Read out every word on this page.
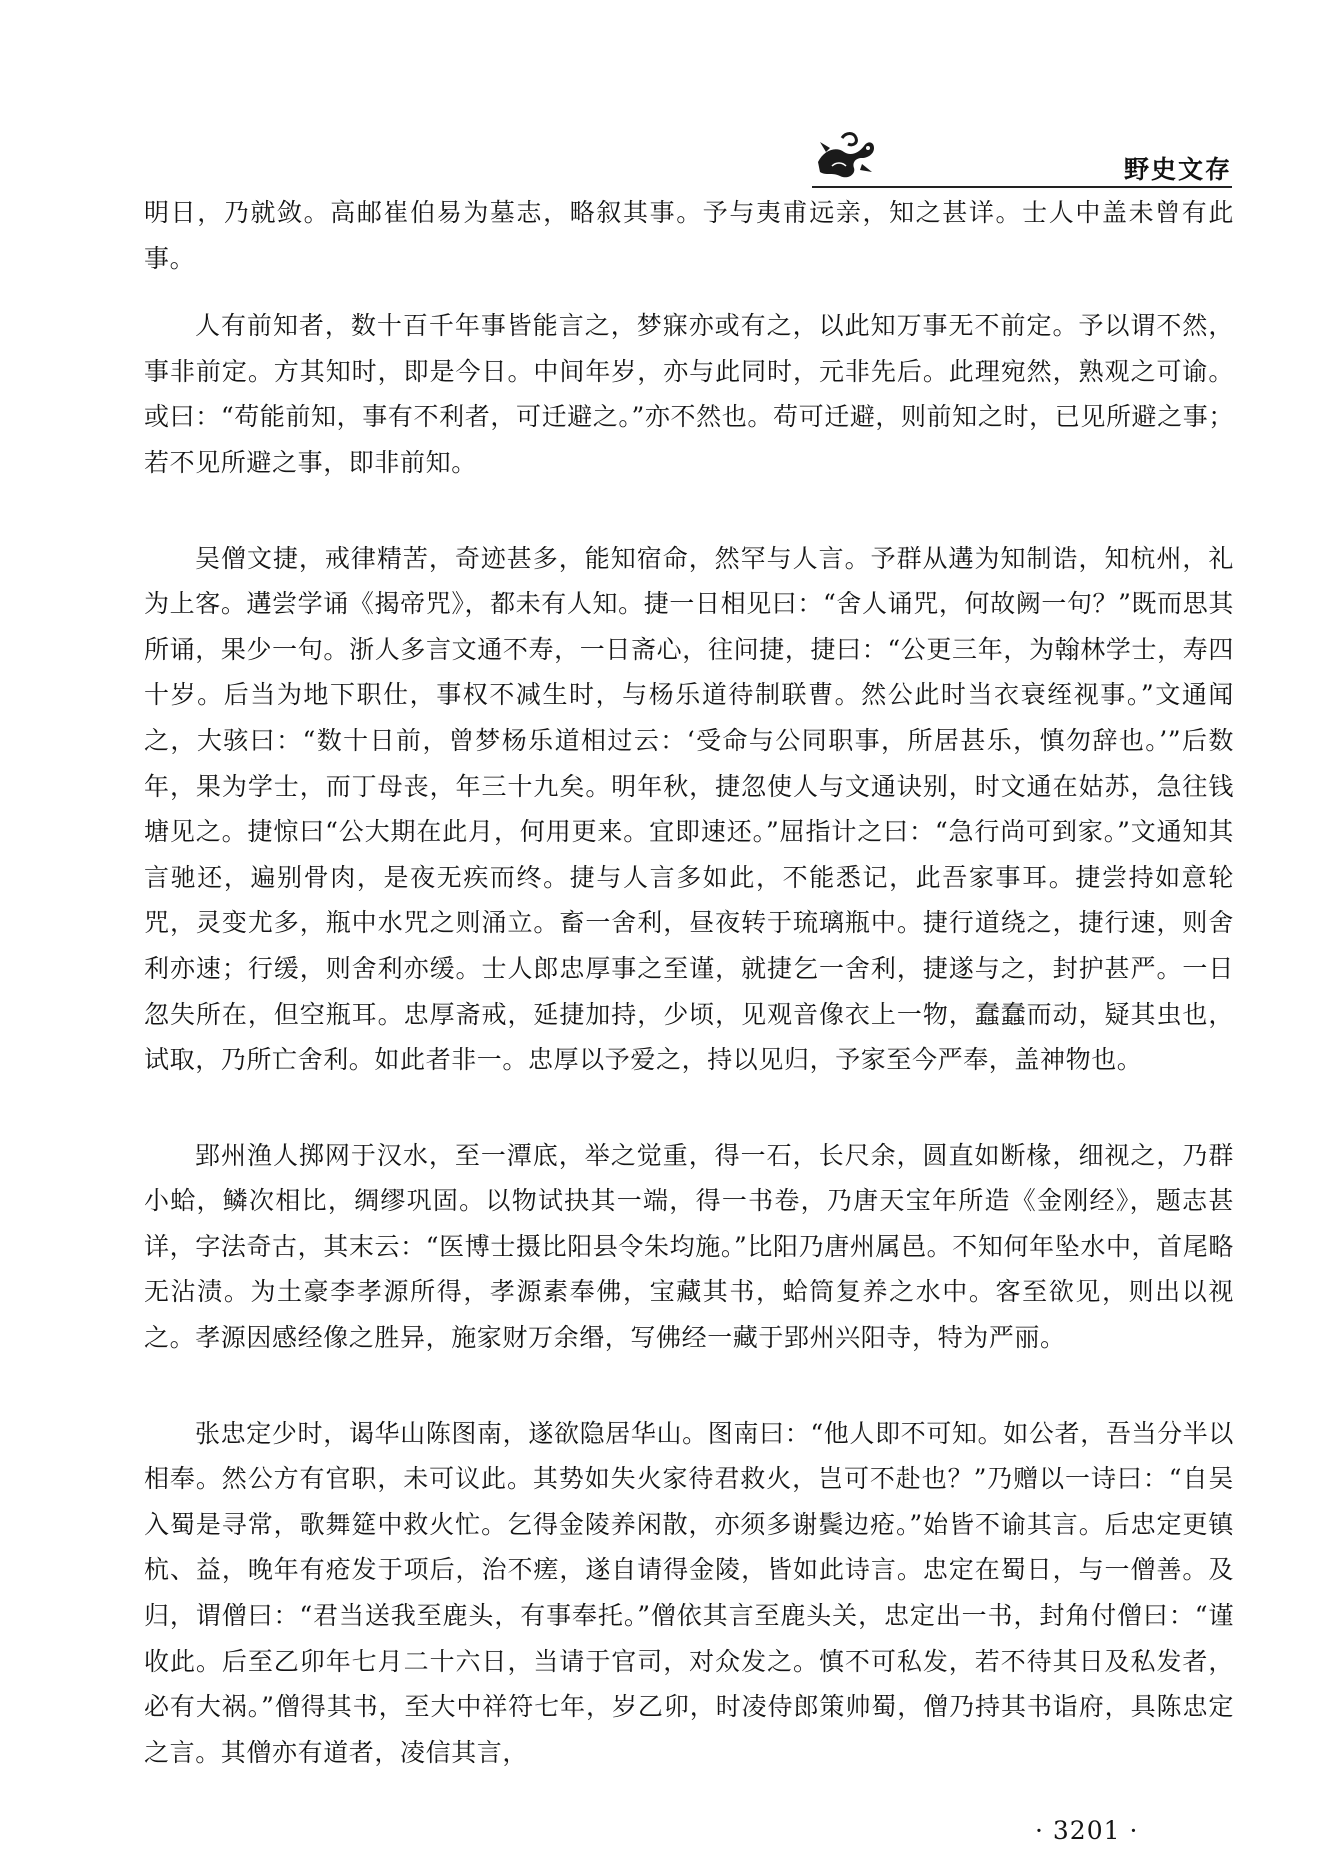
野史文存

明日，乃就敛。高邮崔伯易为墓志，略叙其事。予与夷甫远亲，知之甚详。士人中盖未曾有此事。

人有前知者，数十百千年事皆能言之，梦寐亦或有之，以此知万事无不前定。予以谓不然，事非前定。方其知时，即是今日。中间年岁，亦与此同时，元非先后。此理宛然，熟观之可谕。或曰：“苟能前知，事有不利者，可迁避之。”亦不然也。苟可迁避，则前知之时，已见所避之事；若不见所避之事，即非前知。

吴僧文捷，戒律精苦，奇迹甚多，能知宿命，然罕与人言。予群从遘为知制诰，知杭州，礼为上客。遘尝学诵《揭帝咒》，都未有人知。捷一日相见曰：“舍人诵咒，何故阙一句？”既而思其所诵，果少一句。浙人多言文通不寿，一日斋心，往问捷，捷曰：“公更三年，为翰林学士，寿四十岁。后当为地下职仕，事权不减生时，与杨乐道待制联曹。然公此时当衣衰绖视事。”文通闻之，大骇曰：“数十日前，曾梦杨乐道相过云：‘受命与公同职事，所居甚乐，慎勿辞也。’”后数年，果为学士，而丁母丧，年三十九矣。明年秋，捷忽使人与文通诀别，时文通在姑苏，急往钱塘见之。捷惊曰“公大期在此月，何用更来。宜即速还。”屈指计之曰：“急行尚可到家。”文通知其言驰还，遍别骨肉，是夜无疾而终。捷与人言多如此，不能悉记，此吾家事耳。捷尝持如意轮咒，灵变尤多，瓶中水咒之则涌立。畜一舍利，昼夜转于琉璃瓶中。捷行道绕之，捷行速，则舍利亦速；行缓，则舍利亦缓。士人郎忠厚事之至谨，就捷乞一舍利，捷遂与之，封护甚严。一日忽失所在，但空瓶耳。忠厚斋戒，延捷加持，少顷，见观音像衣上一物，蠢蠢而动，疑其虫也，试取，乃所亡舍利。如此者非一。忠厚以予爱之，持以见归，予家至今严奉，盖神物也。

郢州渔人掷网于汉水，至一潭底，举之觉重，得一石，长尺余，圆直如断椽，细视之，乃群小蛤，鳞次相比，绸缪巩固。以物试抉其一端，得一书卷，乃唐天宝年所造《金刚经》，题志甚详，字法奇古，其末云：“医博士摄比阳县令朱均施。”比阳乃唐州属邑。不知何年坠水中，首尾略无沾渍。为土豪李孝源所得，孝源素奉佛，宝藏其书，蛤筒复养之水中。客至欲见，则出以视之。孝源因感经像之胜异，施家财万余缗，写佛经一藏于郢州兴阳寺，特为严丽。

张忠定少时，谒华山陈图南，遂欲隐居华山。图南曰：“他人即不可知。如公者，吾当分半以相奉。然公方有官职，未可议此。其势如失火家待君救火，岂可不赴也？”乃赠以一诗曰：“自吴入蜀是寻常，歌舞筵中救火忙。乞得金陵养闲散，亦须多谢鬓边疮。”始皆不谕其言。后忠定更镇杭、益，晚年有疮发于项后，治不瘥，遂自请得金陵，皆如此诗言。忠定在蜀日，与一僧善。及归，谓僧曰：“君当送我至鹿头，有事奉托。”僧依其言至鹿头关，忠定出一书，封角付僧曰：“谨收此。后至乙卯年七月二十六日，当请于官司，对众发之。慎不可私发，若不待其日及私发者，必有大祸。”僧得其书，至大中祥符七年，岁乙卯，时凌侍郎策帅蜀，僧乃持其书诣府，具陈忠定之言。其僧亦有道者，凌信其言，

· 3201 ·
